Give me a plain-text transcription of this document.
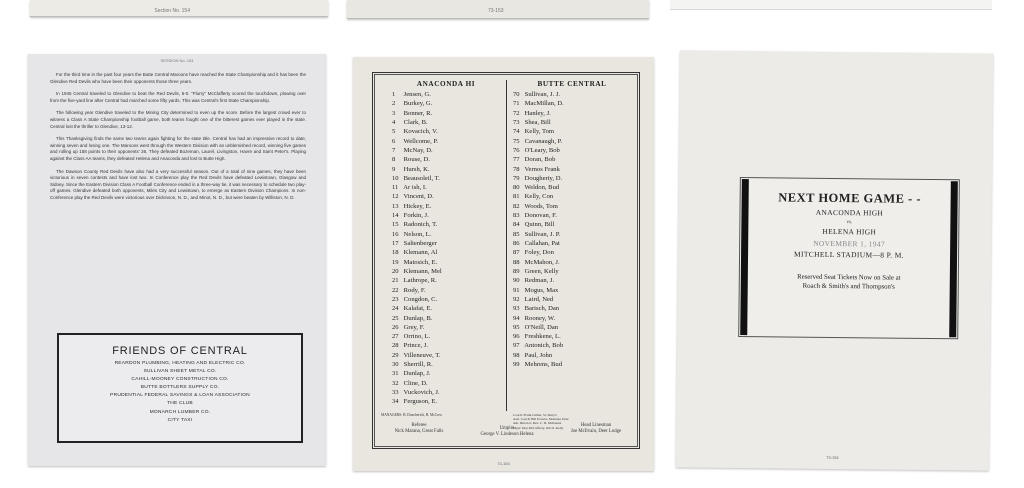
Section No. 154	73-153
SESSION No. 154

For the third time in the past four years the Butte Central Maroons have reached the State Championship and it has been the Glendive Red Devils who have been their opponents those three years.

In 1945 Central traveled to Glendive to beat the Red Devils, 6-0. "Flurry" McClafferty scored the touchdown, plowing over from the five-yard line after Central had marched some fifty yards. This was Central's first State Championship.

The following year Glendive traveled to the Mining City determined to even up the score. Before the largest crowd ever to witness a Class A State Championship football game, both teams fought one of the bitterest games ever played in the state. Central lost the thriller to Glendive, 13-12.

This Thanksgiving finds the same two teams again fighting for the state title. Central has had an impressive record to date, winning seven and losing one. The Maroons went through the Western Division with an unblemished record, winning five games and rolling up 158 points to their opponents' 26. They defeated Bozeman, Laurel, Livingston, Havre and Saint Peter's. Playing against the Class AA teams, they defeated Helena and Anaconda and lost to Butte High.

The Dawson County Red Devils have also had a very successful season. Out of a total of nine games, they have been victorious in seven contests and have lost two. In Conference play the Red Devils have defeated Lewistown, Glasgow and Sidney. Since the Eastern Division Class A Football Conference ended in a three-way tie, it was necessary to schedule two play-off games. Glendive defeated both opponents, Miles City and Lewistown, to emerge as Eastern Division Champions. In non-Conference play the Red Devils were victorious over Dickinson, N. D., and Minot, N. D., but were beaten by Williston, N. D.

FRIENDS OF CENTRAL
REARDON PLUMBING, HEATING AND ELECTRIC CO.
SULLIVAN SHEET METAL CO.
CAHILL-MOONEY CONSTRUCTION CO.
BUTTE BOTTLERS SUPPLY CO.
PRUDENTIAL FEDERAL SAVINGS & LOAN ASSOCIATION
THE CLUB
MONARCH LUMBER CO.
CITY TAXI
ANACONDA HI	BUTTE CENTRAL
1 Jensen, G.
2 Burkey, G.
3 Bonner, R.
4 Clark, B.
5 Kovacich, V.
6 Wellcome, P.
7 McNay, D.
8 Rouse, D.
9 Hursh, K.
10 Beausoleil, T.
11 Ar ish, I.
12 Vincent, D.
13 Hickey, E.
14 Forkin, J.
15 Radonich, T.
16 Nelson, L.
17 Saltenberger
18 Klemann, Al
19 Matosich, E.
20 Klemann, Mel
21 Lathrope, R.
22 Rody, F.
23 Congdon, C.
24 Kalafat, E.
25 Dunlap, B.
26 Grey, F.
27 Orrino, L.
28 Prince, J.
29 Villeneuve, T.
30 Sherrill, R.
31 Dunlap, J.
32 Cline, D.
33 Vuckovich, J.
34 Ferguson, E.
70 Sullivan, J. J.
71 MacMillan, D.
72 Hanley, J.
73 Shea, Bill
74 Kelly, Tom
75 Cavanaugh, P.
76 O'Leary, Bob
77 Doran, Bob
78 Vernos Frank
79 Dougherty, D.
80 Weldon, Bud
81 Kelly, Con
82 Woods, Tom
83 Donovan, F.
84 Quinn, Bill
85 Sullivan, J. P.
86 Callahan, Pat
87 Foley, Don
88 McMahon, J.
89 Green, Kelly
90 Redman, J.
91 Mogus, Max
92 Laird, Ned
93 Barisch, Dan
94 Rooney, W.
95 O'Neill, Dan
96 Freshkene, L.
97 Antonich, Bob
98 Paul, John
99 Mehrens, Bud
MANAGERS: B. Doncherich, B. McCrea	Coach: Frank Cullen, St. Mary's
Asst. Coach: Bill Powers, Montana Univ.
Ath. Director: Rev. C. D. McKenna
Mgrs: Don McCafferty, Jim O. Kelly
Referee
Nick Marana, Great Falls
Umpire
George V. Lindeson Helena
Head Linesman
Joe McIlvain, Deer Lodge
73-154
NEXT HOME GAME - -
ANACONDA HIGH
vs.
HELENA HIGH
NOVEMBER 1, 1947
MITCHELL STADIUM—8 P. M.
Reserved Seat Tickets Now on Sale at
Roach & Smith's and Thompson's
73-154
